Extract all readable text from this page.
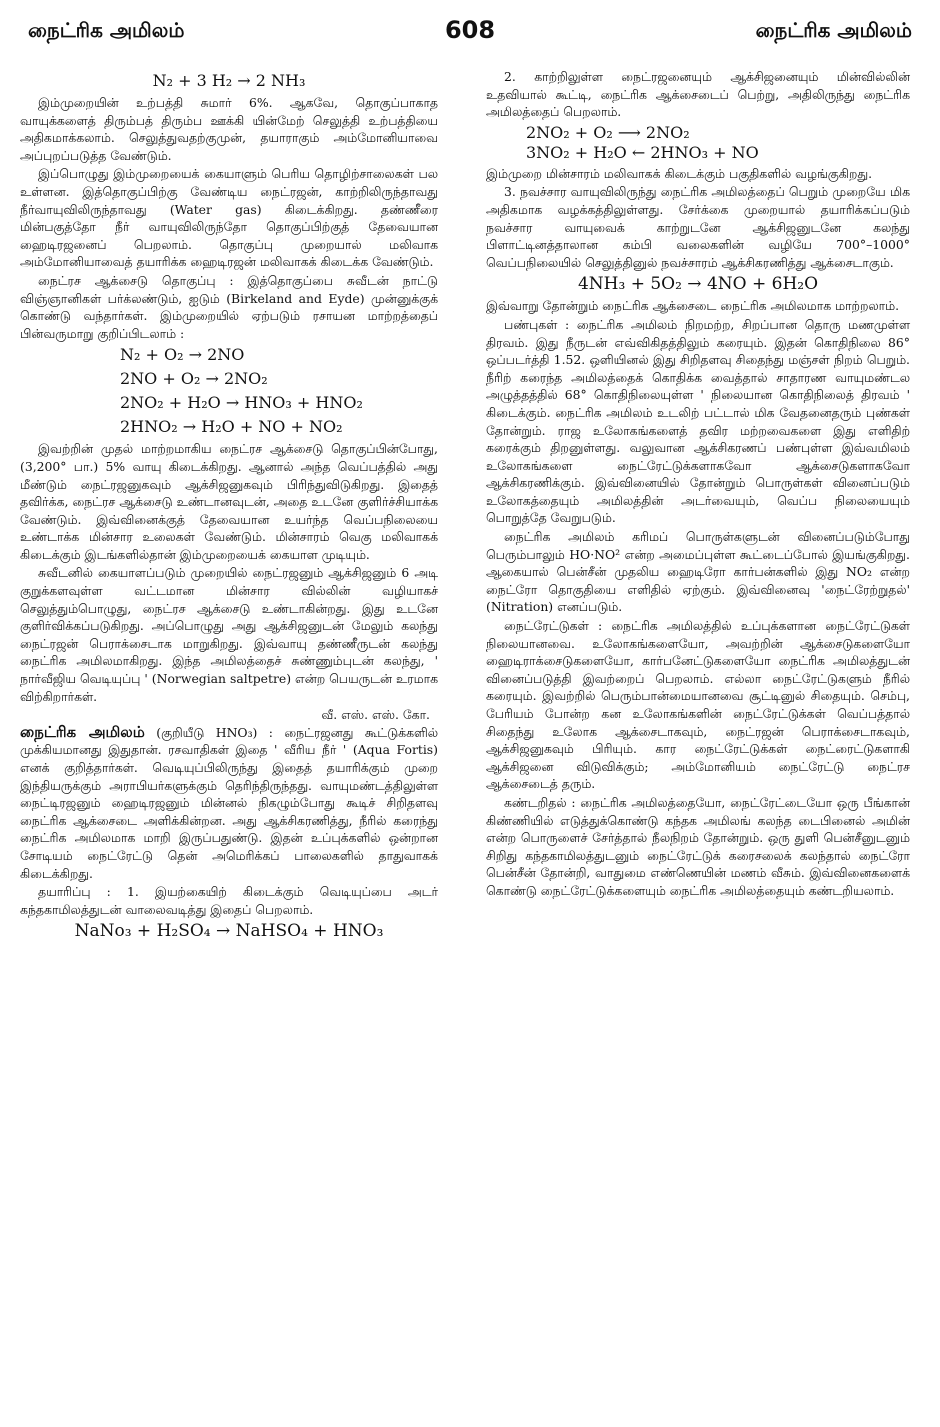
நைட்ரிக அமிலம்	608	நைட்ரிக அமிலம்
N₂ + 3 H₂ → 2 NH₃

இம்முறையின் உற்பத்தி சுமார் 6%. ஆகவே, தொகுப்பாகாத வாயுக்களைத் திரும்பத் திரும்ப ஊக்கி யின்மேற் செலுத்தி உற்பத்தியை அதிகமாக்கலாம். செலுத்துவதற்குமுன், தயாராகும் அம்மோனியாவை அப்புறப்படுத்த வேண்டும்.

இப்பொழுது இம்முறையைக் கையாளும் பெரிய தொழிற்சாலைகள் பல உள்ளன. இத்தொகுப்பிற்கு வேண்டிய நைட்ரஜன், காற்றிலிருந்தாவது நீர்வாயுவிலிருந்தாவது (Water gas) கிடைக்கிறது. தண்ணீரை மின்பகுத்தோ நீர் வாயுவிலிருந்தோ தொகுப்பிற்குத் தேவையான ஹைடிரஜனைப் பெறலாம். தொகுப்பு முறையால் மலிவாக அம்மோனியாவைத் தயாரிக்க ஹைடிரஜன் மலிவாகக் கிடைக்க வேண்டும்.

நைட்ரச ஆக்சைடு தொகுப்பு : இத்தொகுப்பை சுவீடன் நாட்டு விஞ்ஞானிகள் பர்க்லண்டும், ஐடும் (Birkeland and Eyde) முன்னுக்குக் கொண்டு வந்தார்கள். இம்முறையில் ஏற்படும் ரசாயன மாற்றத்தைப் பின்வருமாறு குறிப்பிடலாம் :

N₂ + O₂ → 2NO
2NO + O₂ → 2NO₂
2NO₂ + H₂O → HNO₃ + HNO₂
2HNO₂ → H₂O + NO + NO₂

இவற்றின் முதல் மாற்றமாகிய நைட்ரச ஆக்சைடு தொகுப்பின்போது, (3,200° பா.) 5% வாயு கிடைக்கிறது. ஆனால் அந்த வெப்பத்தில் அது மீண்டும் நைட்ரஜனுகவும் ஆக்சிஜனுகவும் பிரிந்துவிடுகிறது. இதைத் தவிர்க்க, நைட்ரச ஆக்சைடு உண்டானவுடன், அதை உடனே குளிர்ச்சியாக்க வேண்டும். இவ்வினைக்குத் தேவையான உயர்ந்த வெப்பநிலையை உண்டாக்க மின்சார உலைகள் வேண்டும். மின்சாரம் வெகு மலிவாகக் கிடைக்கும் இடங்களில்தான் இம்முறையைக் கையாள முடியும்.

சுவீடனில் கையாளப்படும் முறையில் நைட்ரஜனும் ஆக்சிஜனும் 6 அடி குறுக்களவுள்ள வட்டமான மின்சார வில்லின் வழியாகச் செலுத்தும்பொழுது, நைட்ரச ஆக்சைடு உண்டாகின்றது. இது உடனே குளிர்விக்கப்படுகிறது. அப்பொழுது அது ஆக்சிஜனுடன் மேலும் கலந்து நைட்ரஜன் பெராக்சைடாக மாறுகிறது. இவ்வாயு தண்ணீருடன் கலந்து நைட்ரிக அமிலமாகிறது. இந்த அமிலத்தைச் சுண்ணும்புடன் கலந்து, ' நார்வீஜிய வெடியுப்பு ' (Norwegian saltpetre) என்ற பெயருடன் உரமாக விற்கிறார்கள்.

வீ. எஸ். எஸ். கோ.

நைட்ரிக அமிலம் (குறியீடு HNO₃) : நைட்ரஜனது கூட்டுக்களில் முக்கியமானது இதுதான். ரசவாதிகள் இதை ' வீரிய நீர் ' (Aqua Fortis) எனக் குறித்தார்கள். வெடியுப்பிலிருந்து இதைத் தயாரிக்கும் முறை இந்தியருக்கும் அராபியர்களுக்கும் தெரிந்திருந்தது. வாயுமண்டத்திலுள்ள நைட்டிரஜனும் ஹைடிரஜனும் மின்னல் நிகழும்போது கூடிச் சிறிதளவு நைட்ரிக ஆக்சைடை அளிக்கின்றன. அது ஆக்சிகரணித்து, நீரில் கரைந்து நைட்ரிக அமிலமாக மாறி இருப்பதுண்டு. இதன் உப்புக்களில் ஒன்றான சோடியம் நைட்ரேட்டு தென் அமெரிக்கப் பாலைகளில் தாதுவாகக் கிடைக்கிறது.

தயாரிப்பு : 1. இயற்கையிற் கிடைக்கும் வெடியுப்பை அடர் கந்தகாமிலத்துடன் வாலைவடித்து இதைப் பெறலாம்.

NaNo₃ + H₂SO₄ → NaHSO₄ + HNO₃

2. காற்றிலுள்ள நைட்ரஜனையும் ஆக்சிஜனையும் மின்வில்லின் உதவியால் கூட்டி, நைட்ரிக ஆக்சைடைப் பெற்று, அதிலிருந்து நைட்ரிக அமிலத்தைப் பெறலாம்.

2NO₂ + O₂ ⟶ 2NO₂
3NO₂ + H₂O ← 2HNO₃ + NO

இம்முறை மின்சாரம் மலிவாகக் கிடைக்கும் பகுதிகளில் வழங்குகிறது.

3. நவச்சார வாயுவிலிருந்து நைட்ரிக அமிலத்தைப் பெறும் முறையே மிக அதிகமாக வழக்கத்திலுள்ளது. சேர்க்கை முறையால் தயாரிக்கப்படும் நவச்சார வாயுவைக் காற்றுடனே ஆக்சிஜனுடனே கலந்து பிளாட்டினத்தாலான கம்பி வலைகளின் வழியே 700°–1000° வெப்பநிலையில் செலுத்தினுல் நவச்சாரம் ஆக்சிகரணித்து ஆக்சைடாகும்.

4NH₃ + 5O₂ → 4NO + 6H₂O

இவ்வாறு தோன்றும் நைட்ரிக ஆக்சைடை நைட்ரிக அமிலமாக மாற்றலாம்.

பண்புகள் : நைட்ரிக அமிலம் நிறமற்ற, சிறப்பான தொரு மணமுள்ள திரவம். இது நீருடன் எவ்விகிதத்திலும் கரையும். இதன் கொதிநிலை 86° ஒப்படர்த்தி 1.52. ஒளியினல் இது சிறிதளவு சிதைந்து மஞ்சள் நிறம் பெறும். நீரிற் கரைந்த அமிலத்தைக் கொதிக்க வைத்தால் சாதாரண வாயுமண்டல அழுத்தத்தில் 68° கொதிநிலையுள்ள ' நிலையான கொதிநிலைத் திரவம் ' கிடைக்கும். நைட்ரிக அமிலம் உடலிற் பட்டால் மிக வேதனைதரும் புண்கள் தோன்றும். ராஜ உலோகங்களைத் தவிர மற்றவைகளை இது எளிதிற் கரைக்கும் திறனுள்ளது. வலுவான ஆக்சிகரணப் பண்புள்ள இவ்வமிலம் உலோகங்களை நைட்ரேட்டுக்களாகவோ ஆக்சைடுகளாகவோ ஆக்சிகரணிக்கும். இவ்வினையில் தோன்றும் பொருள்கள் வினைப்படும் உலோகத்தையும் அமிலத்தின் அடர்வையும், வெப்ப நிலையையும் பொறுத்தே வேறுபடும்.

நைட்ரிக அமிலம் கரிமப் பொருள்களுடன் வினைப்படும்போது பெரும்பாலும் HO·NO² என்ற அமைப்புள்ள கூட்டைப்போல் இயங்குகிறது. ஆகையால் பென்சீன் முதலிய ஹைடிரோ கார்பன்களில் இது NO₂ என்ற நைட்ரோ தொகுதியை எளிதில் ஏற்கும். இவ்வினைவு 'நைட்ரேற்றுதல்' (Nitration) எனப்படும்.

நைட்ரேட்டுகள் : நைட்ரிக அமிலத்தில் உப்புக்களான நைட்ரேட்டுகள் நிலையானவை. உலோகங்களையோ, அவற்றின் ஆக்சைடுகளையோ ஹைடிராக்சைடுகளையோ, கார்பனேட்டுகளையோ நைட்ரிக அமிலத்துடன் வினைப்படுத்தி இவற்றைப் பெறலாம். எல்லா நைட்ரேட்டுகளும் நீரில் கரையும். இவற்றில் பெரும்பான்மையானவை சூட்டினுல் சிதையும். செம்பு, பேரியம் போன்ற கன உலோகங்களின் நைட்ரேட்டுக்கள் வெப்பத்தால் சிதைந்து உலோக ஆக்சைடாகவும், நைட்ரஜன் பெராக்சைடாகவும், ஆக்சிஜனுகவும் பிரியும். கார நைட்ரேட்டுக்கள் நைட்ரைட்டுகளாகி ஆக்சிஜனை விடுவிக்கும்; அம்மோனியம் நைட்ரேட்டு நைட்ரச ஆக்சைடைத் தரும்.

கண்டறிதல் : நைட்ரிக அமிலத்தையோ, நைட்ரேட்டையோ ஒரு பீங்கான் கிண்ணியில் எடுத்துக்கொண்டு கந்தக அமிலங் கலந்த டைபினைல் அமின் என்ற பொருளைச் சேர்த்தால் நீலநிறம் தோன்றும். ஒரு துளி பென்சீனுடனும் சிறிது கந்தகாமிலத்துடனும் நைட்ரேட்டுக் கரைசலைக் கலந்தால் நைட்ரோ பென்சீன் தோன்றி, வாதுமை எண்ணெயின் மணம் வீசும். இவ்வினைகளைக் கொண்டு நைட்ரேட்டுக்களையும் நைட்ரிக அமிலத்தையும் கண்டறியலாம்.
